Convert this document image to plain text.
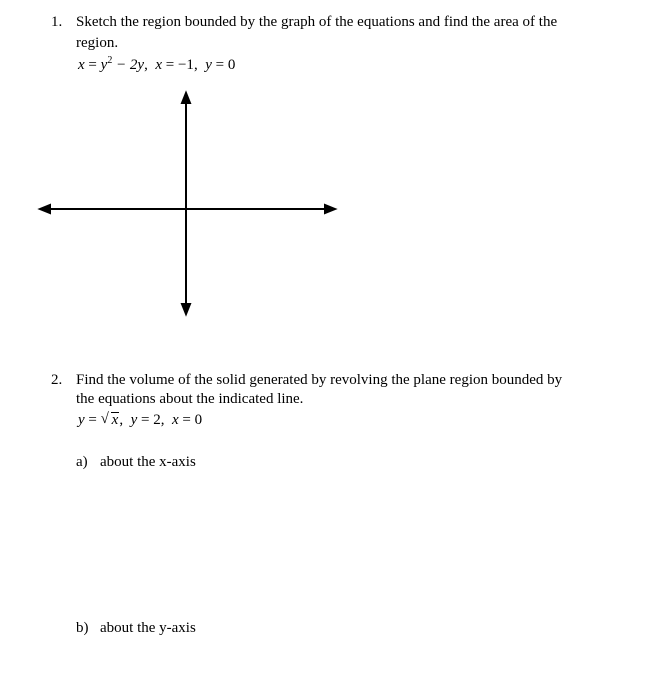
1. Sketch the region bounded by the graph of the equations and find the area of the
region.
$x = y^2 - 2y$, x = −1, y = 0
2. Find the volume of the solid generated by revolving the plane region bounded by
the equations about the indicated line.
y = √ x, y = 2, x = 0
a) about the x-axis
b) about the y-axis
